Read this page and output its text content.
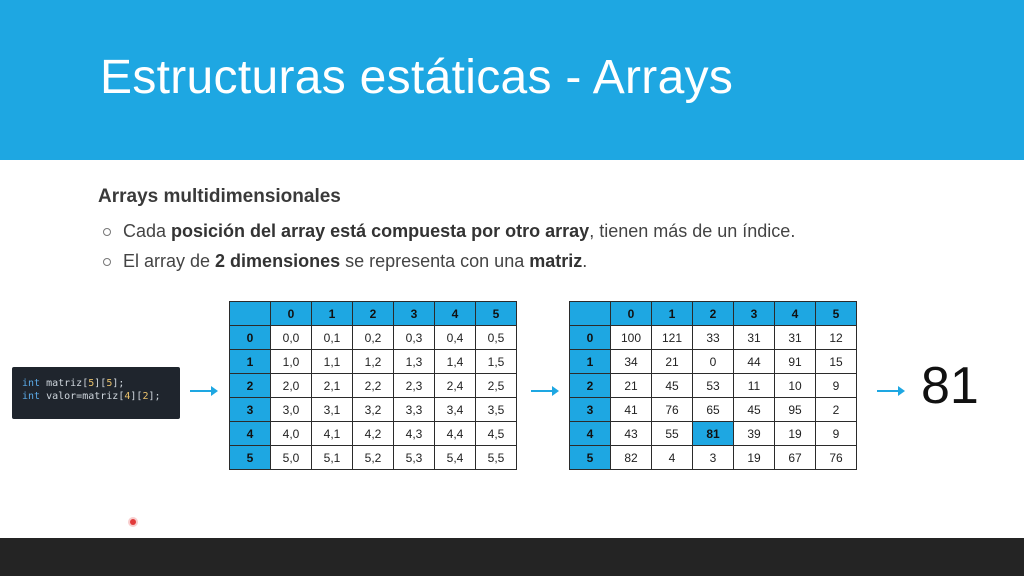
Estructuras estáticas - Arrays
Arrays multidimensionales
Cada posición del array está compuesta por otro array, tienen más de un índice.
El array de 2 dimensiones se representa con una matriz.
int matriz[5][5];
int valor=matriz[4][2];
	0	1	2	3	4	5
0	0,0	0,1	0,2	0,3	0,4	0,5
1	1,0	1,1	1,2	1,3	1,4	1,5
2	2,0	2,1	2,2	2,3	2,4	2,5
3	3,0	3,1	3,2	3,3	3,4	3,5
4	4,0	4,1	4,2	4,3	4,4	4,5
5	5,0	5,1	5,2	5,3	5,4	5,5
	0	1	2	3	4	5
0	100	121	33	31	31	12
1	34	21	0	44	91	15
2	21	45	53	11	10	9
3	41	76	65	45	95	2
4	43	55	81	39	19	9
5	82	4	3	19	67	76
81
